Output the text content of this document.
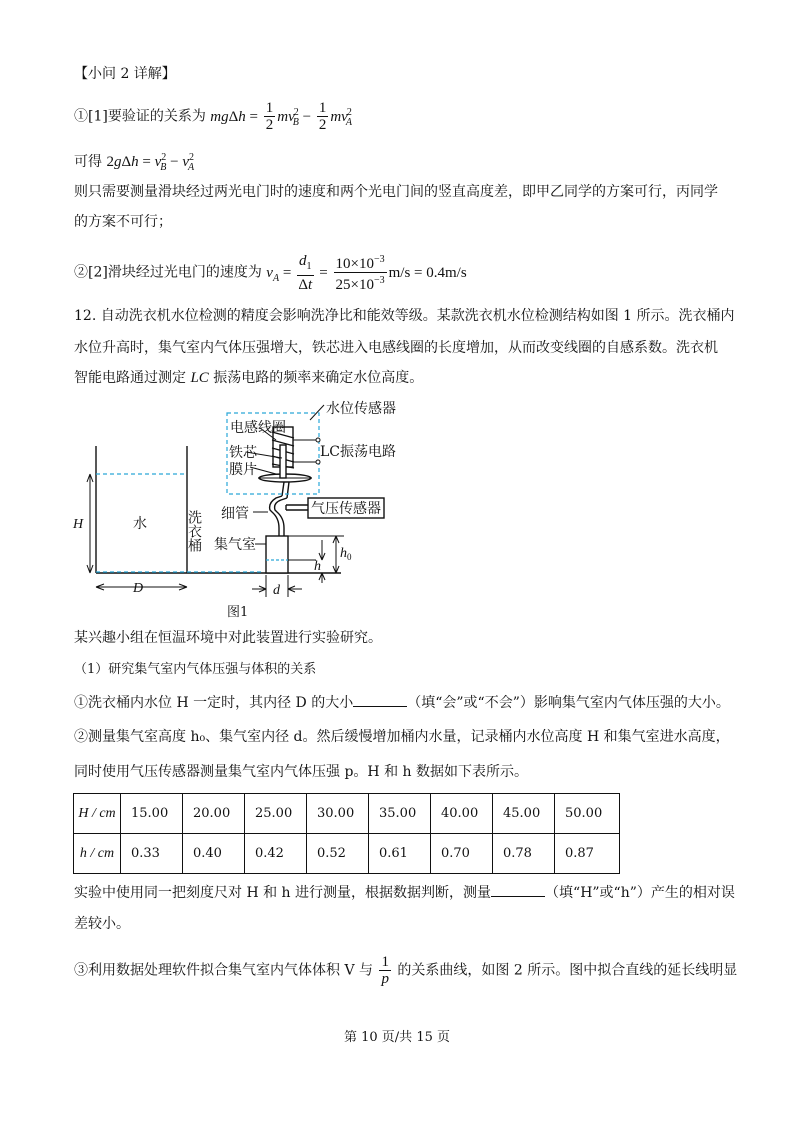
【小问 2 详解】
①[1]要验证的关系为 $mg\Delta h = \frac{1}{2} mv^2_B - \frac{1}{2} mv^2_A$
可得 $2g\Delta h = v^2_B - v^2_A$
则只需要测量滑块经过两光电门时的速度和两个光电门间的竖直高度差，即甲乙同学的方案可行，丙同学
的方案不可行；
②[2]滑块经过光电门的速度为 $v_A = \frac{d_1}{\Delta t} = \frac{10\times 10^{-3}}{25\times 10^{-3}} m/s = 0.4m/s$
12. 自动洗衣机水位检测的精度会影响洗净比和能效等级。某款洗衣机水位检测结构如图 1 所示。洗衣桶内
水位升高时，集气室内气体压强增大，铁芯进入电感线圈的长度增加，从而改变线圈的自感系数。洗衣机
智能电路通过测定 LC 振荡电路的频率来确定水位高度。
水位传感器
电感线圈
铁芯
膜片
LC振荡电路
气压传感器
细管
集气室
水	洗衣桶
图1
H
D	d
h
$h_0$
某兴趣小组在恒温环境中对此装置进行实验研究。
（1）研究集气室内气体压强与体积的关系
①洗衣桶内水位 H 一定时，其内径 D 的大小	（填“会”或“不会”）影响集气室内气体压强的大小。
②测量集气室高度 h₀、集气室内径 d。然后缓慢增加桶内水量，记录桶内水位高度 H 和集气室进水高度，
同时使用气压传感器测量集气室内气体压强 p。H 和 h 数据如下表所示。
H / cm	15.00	20.00	25.00	30.00	35.00	40.00	45.00	50.00
h / cm	0.33	0.40	0.42	0.52	0.61	0.70	0.78	0.87
实验中使用同一把刻度尺对 H 和 h 进行测量，根据数据判断，测量	（填“H”或“h”）产生的相对误
差较小。
③利用数据处理软件拟合集气室内气体体积 V 与 $\frac{1}{p}$ 的关系曲线，如图 2 所示。图中拟合直线的延长线明显
第 10 页/共 15 页
